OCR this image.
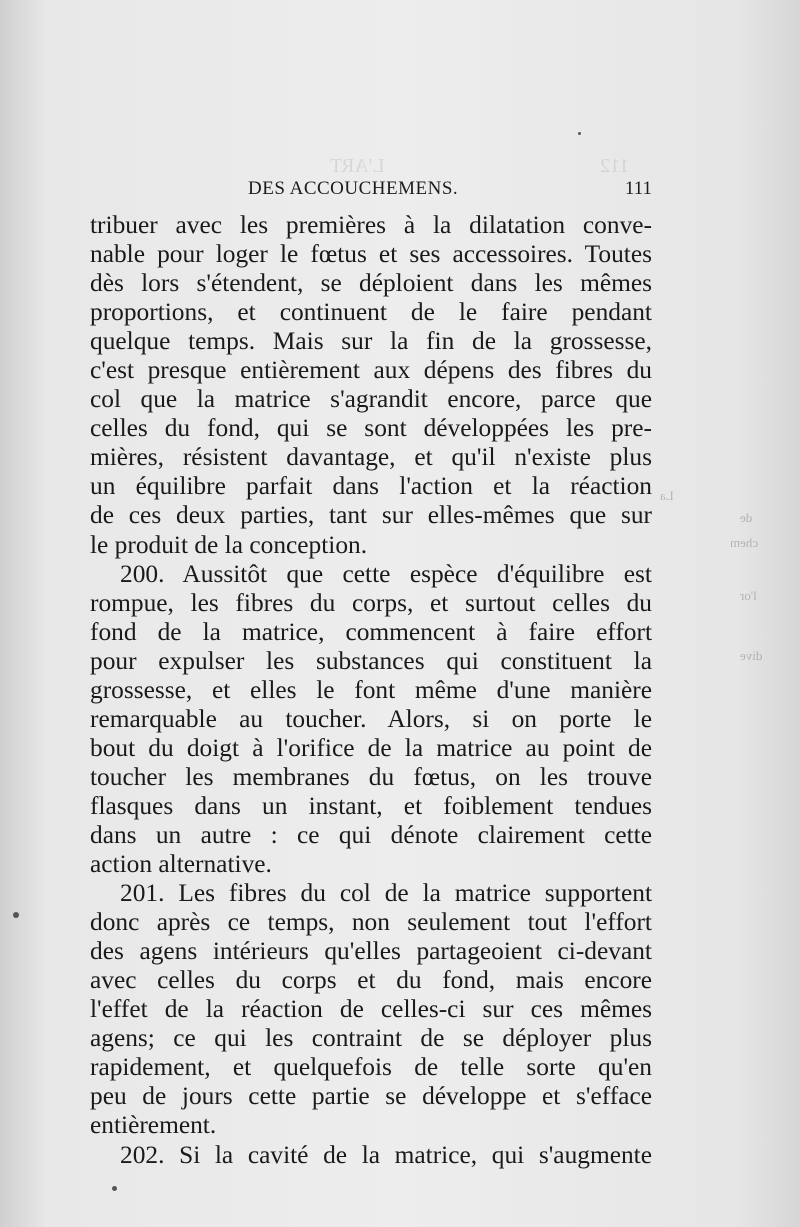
L'ART	112
La
de
chem
l'or
dive
DES ACCOUCHEMENS.	111
tribuer avec les premières à la dilatation conve-
nable pour loger le fœtus et ses accessoires. Toutes
dès lors s'étendent, se déploient dans les mêmes
proportions, et continuent de le faire pendant
quelque temps. Mais sur la fin de la grossesse,
c'est presque entièrement aux dépens des fibres du
col que la matrice s'agrandit encore, parce que
celles du fond, qui se sont développées les pre-
mières, résistent davantage, et qu'il n'existe plus
un équilibre parfait dans l'action et la réaction
de ces deux parties, tant sur elles-mêmes que sur
le produit de la conception.
200. Aussitôt que cette espèce d'équilibre est
rompue, les fibres du corps, et surtout celles du
fond de la matrice, commencent à faire effort
pour expulser les substances qui constituent la
grossesse, et elles le font même d'une manière
remarquable au toucher. Alors, si on porte le
bout du doigt à l'orifice de la matrice au point de
toucher les membranes du fœtus, on les trouve
flasques dans un instant, et foiblement tendues
dans un autre : ce qui dénote clairement cette
action alternative.
201. Les fibres du col de la matrice supportent
donc après ce temps, non seulement tout l'effort
des agens intérieurs qu'elles partageoient ci-devant
avec celles du corps et du fond, mais encore
l'effet de la réaction de celles-ci sur ces mêmes
agens; ce qui les contraint de se déployer plus
rapidement, et quelquefois de telle sorte qu'en
peu de jours cette partie se développe et s'efface
entièrement.
202. Si la cavité de la matrice, qui s'augmente
